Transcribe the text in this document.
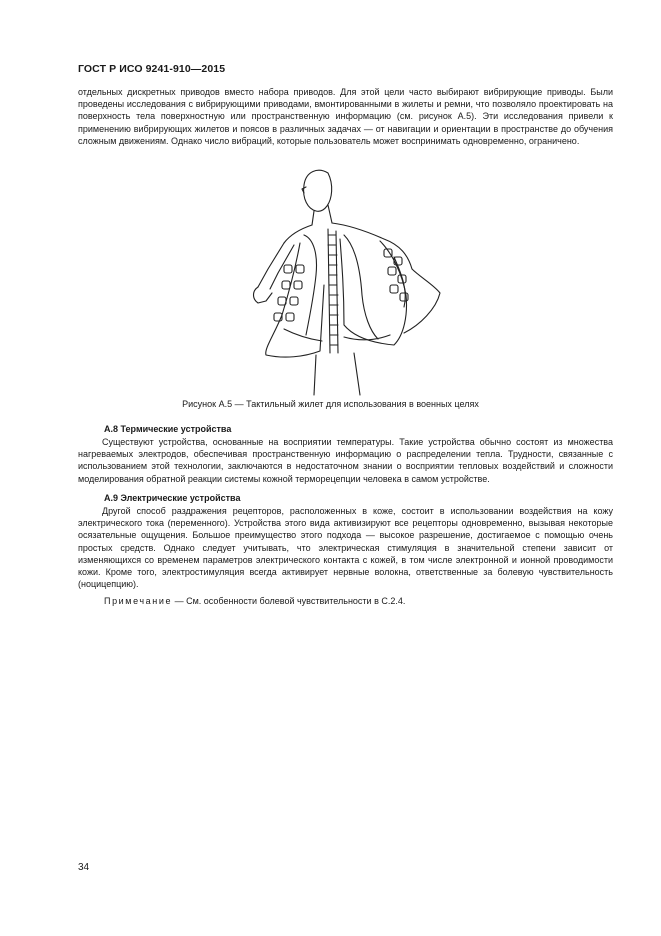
ГОСТ Р ИСО 9241-910—2015

отдельных дискретных приводов вместо набора приводов. Для этой цели часто выбирают вибрирующие приводы. Были проведены исследования с вибрирующими приводами, вмонтированными в жилеты и ремни, что позволяло проектировать на поверхность тела поверхностную или пространственную информацию (см. рисунок А.5). Эти исследования привели к применению вибрирующих жилетов и поясов в различных задачах — от навигации и ориентации в пространстве до обучения сложным движениям. Однако число вибраций, которые пользователь может воспринимать одновременно, ограничено.

Рисунок А.5 — Тактильный жилет для использования в военных целях

А.8 Термические устройства

Существуют устройства, основанные на восприятии температуры. Такие устройства обычно состоят из множества нагреваемых электродов, обеспечивая пространственную информацию о распределении тепла. Трудности, связанные с использованием этой технологии, заключаются в недостаточном знании о восприятии тепловых воздействий и сложности моделирования обратной реакции системы кожной терморецепции человека в самом устройстве.

А.9 Электрические устройства

Другой способ раздражения рецепторов, расположенных в коже, состоит в использовании воздействия на кожу электрического тока (переменного). Устройства этого вида активизируют все рецепторы одновременно, вызывая некоторые осязательные ощущения. Большое преимущество этого подхода — высокое разрешение, достигаемое с помощью очень простых средств. Однако следует учитывать, что электрическая стимуляция в значительной степени зависит от изменяющихся со временем параметров электрического контакта с кожей, в том числе электронной и ионной проводимости кожи. Кроме того, электростимуляция всегда активирует нервные волокна, ответственные за болевую чувствительность (ноцицепцию).

Примечание — См. особенности болевой чувствительности в С.2.4.
34
